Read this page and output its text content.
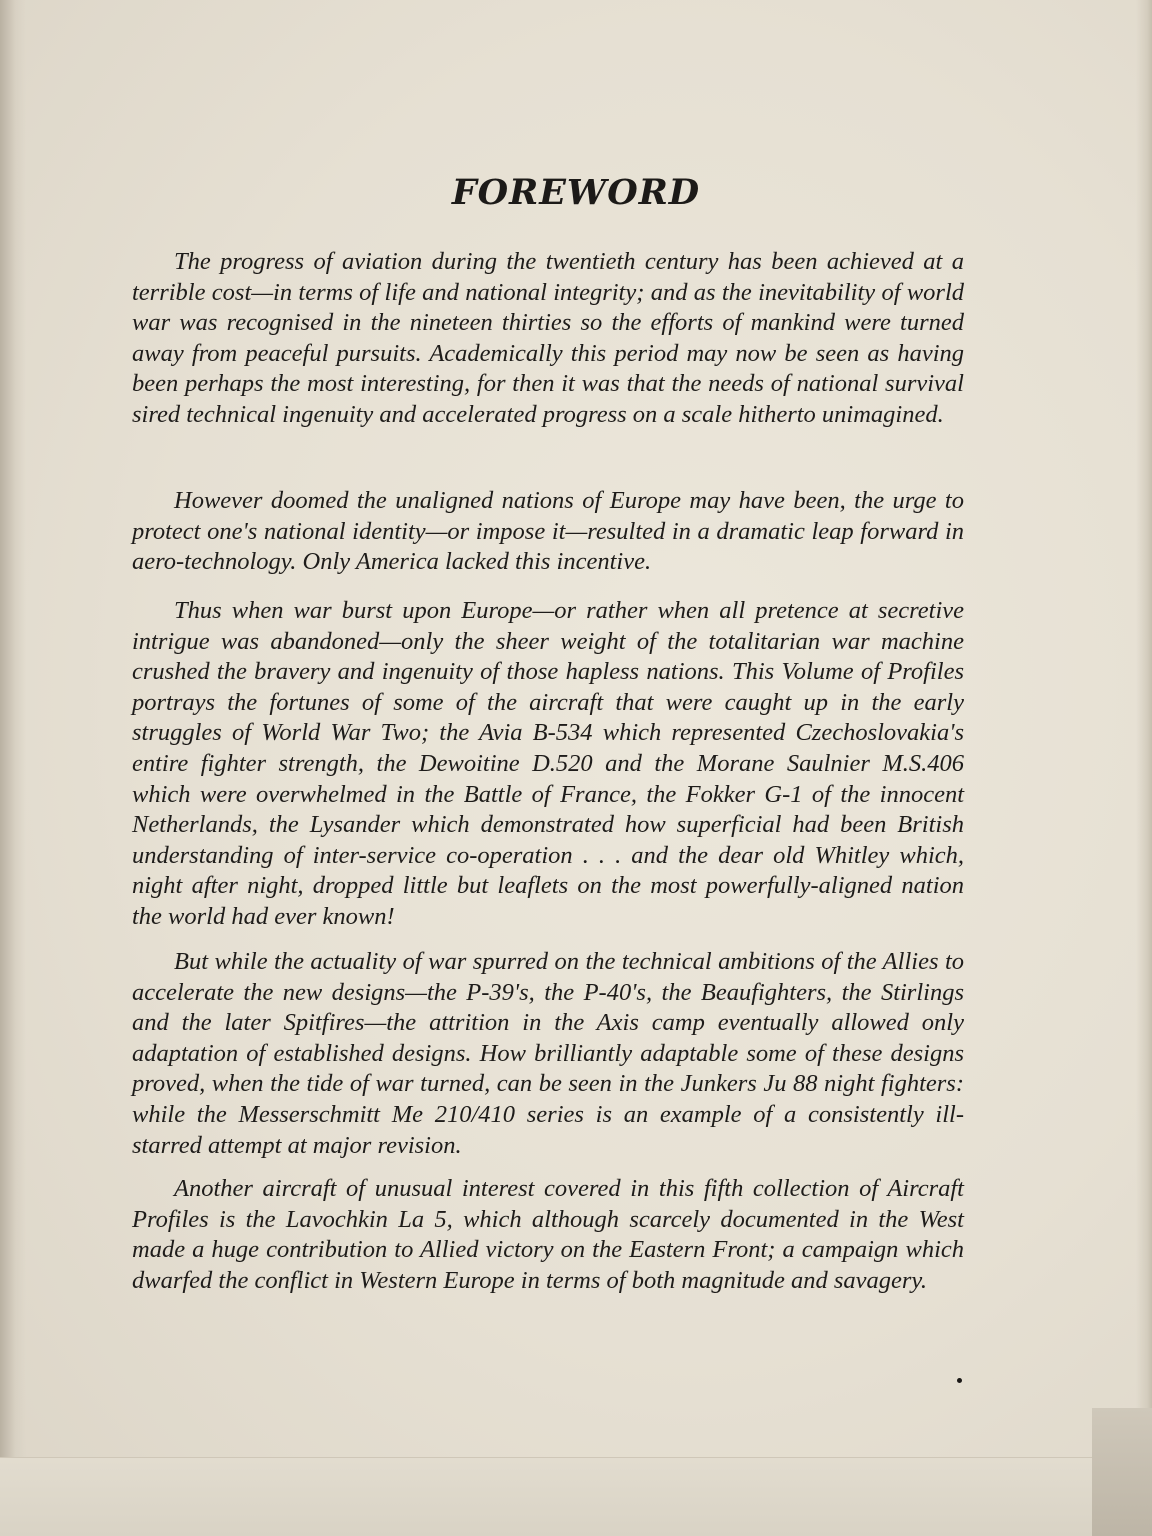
FOREWORD

The progress of aviation during the twentieth century has been achieved at a terrible cost—in terms of life and national integrity; and as the inevitability of world war was recognised in the nineteen thirties so the efforts of mankind were turned away from peaceful pursuits. Academically this period may now be seen as having been perhaps the most interesting, for then it was that the needs of national survival sired technical ingenuity and accelerated progress on a scale hitherto unimagined.

However doomed the unaligned nations of Europe may have been, the urge to protect one's national identity—or impose it—resulted in a dramatic leap forward in aero-technology. Only America lacked this incentive.

Thus when war burst upon Europe—or rather when all pretence at secretive intrigue was abandoned—only the sheer weight of the totalitarian war machine crushed the bravery and ingenuity of those hapless nations. This Volume of Profiles portrays the fortunes of some of the aircraft that were caught up in the early struggles of World War Two; the Avia B-534 which represented Czechoslovakia's entire fighter strength, the Dewoitine D.520 and the Morane Saulnier M.S.406 which were overwhelmed in the Battle of France, the Fokker G-1 of the innocent Netherlands, the Lysander which demonstrated how superficial had been British understanding of inter-service co-operation . . . and the dear old Whitley which, night after night, dropped little but leaflets on the most powerfully-aligned nation the world had ever known!

But while the actuality of war spurred on the technical ambitions of the Allies to accelerate the new designs—the P-39's, the P-40's, the Beaufighters, the Stirlings and the later Spitfires—the attrition in the Axis camp eventually allowed only adaptation of established designs. How brilliantly adaptable some of these designs proved, when the tide of war turned, can be seen in the Junkers Ju 88 night fighters: while the Messerschmitt Me 210/410 series is an example of a consistently ill-starred attempt at major revision.

Another aircraft of unusual interest covered in this fifth collection of Aircraft Profiles is the Lavochkin La 5, which although scarcely documented in the West made a huge contribution to Allied victory on the Eastern Front; a campaign which dwarfed the conflict in Western Europe in terms of both magnitude and savagery.
